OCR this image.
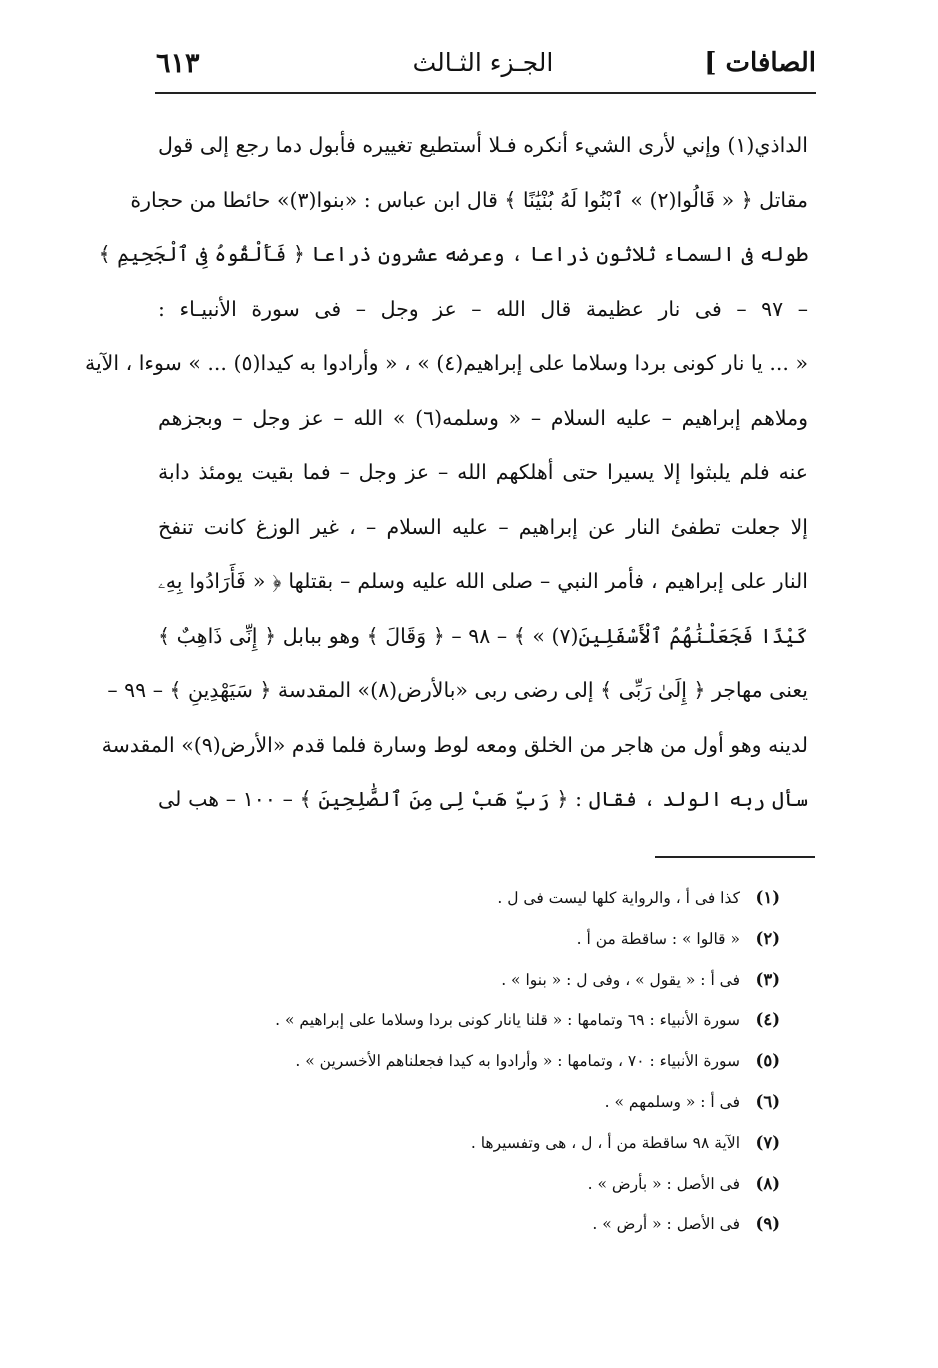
الصافات ]
الجـزء الثـالث
٦١٣
الداذي(١) وإني لأرى الشيء أنكره فـلا أستطيع تغييره فأبول دما رجع إلى قول
مقاتل ﴿ « قَالُوا(٢) » ٱبْنُوا لَهُ بُنْيَٰنًا ﴾ قال ابن عباس : «بنوا(٣)» حائطا من حجارة
طوله فى السماء ثلاثون ذراعا ، وعرضه عشرون ذراعا ﴿ فَأَلْقُوهُ فِى ٱلْجَحِيمِ ﴾
– ٩٧ – فى نار عظيمة قال الله – عز وجل – فى سورة الأنبيـاء :
« ... يا نار كونى بردا وسلاما على إبراهيم(٤) » ، « وأرادوا به كيدا(٥) ... » سوءا ، الآية
وملاهم إبراهيم – عليه السلام – « وسلمه(٦) » الله – عز وجل – وبجزهم
عنه فلم يلبثوا إلا يسيرا حتى أهلكهم الله – عز وجل – فما بقيت يومئذ دابة
إلا جعلت تطفئ النار عن إبراهيم – عليه السلام – ، غير الوزغ كانت تنفخ
النار على إبراهيم ، فأمر النبي – صلى الله عليه وسلم – بقتلها ﴿ « فَأَرَادُوا بِهِۦ
كَيْدًا فَجَعَلْنَٰهُمُ ٱلْأَسْفَلِينَ(٧) » ﴾ – ٩٨ – ﴿ وَقَالَ ﴾ وهو ببابل ﴿ إِنِّى ذَاهِبٌ ﴾
يعنى مهاجر ﴿ إِلَىٰ رَبِّى ﴾ إلى رضى ربى «بالأرض(٨)» المقدسة ﴿ سَيَهْدِينِ ﴾ – ٩٩ –
لدينه وهو أول من هاجر من الخلق ومعه لوط وسارة فلما قدم «الأرض(٩)» المقدسة
سأل ربه الولد ، فقال : ﴿ رَبِّ هَبْ لِى مِنَ ٱلصَّٰلِحِينَ ﴾ – ١٠٠ – هب لى
(١)كذا فى أ ، والرواية كلها ليست فى ل .
(٢)« قالوا » : ساقطة من أ .
(٣)فى أ : « يقول » ، وفى ل : « بنوا » .
(٤)سورة الأنبياء : ٦٩ وتمامها : « قلنا يانار كونى بردا وسلاما على إبراهيم » .
(٥)سورة الأنبياء : ٧٠ ، وتمامها : « وأرادوا به كيدا فجعلناهم الأخسرين » .
(٦)فى أ : « وسلمهم » .
(٧)الآية ٩٨ ساقطة من أ ، ل ، هى وتفسيرها .
(٨)فى الأصل : « بأرض » .
(٩)فى الأصل : « أرض » .
